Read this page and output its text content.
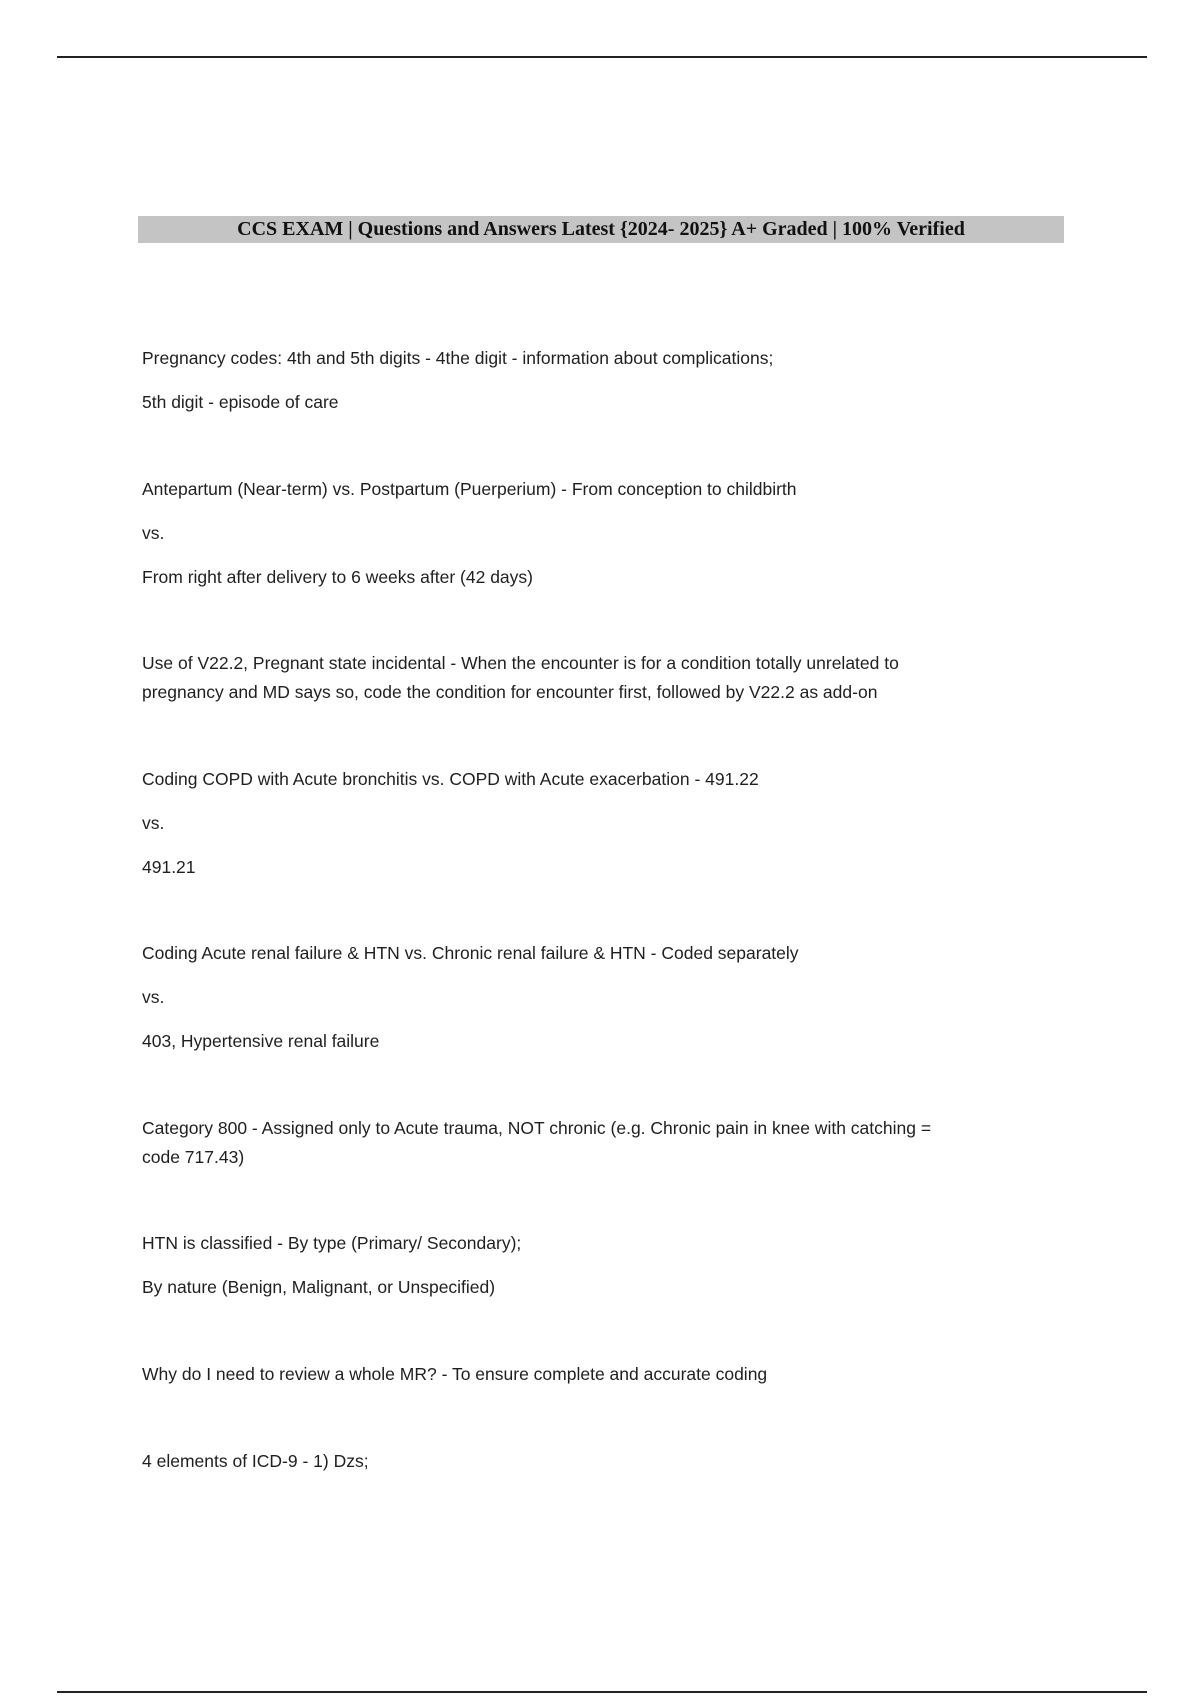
CCS EXAM | Questions and Answers Latest {2024- 2025} A+ Graded | 100% Verified
Pregnancy codes: 4th and 5th digits - 4the digit - information about complications;
5th digit - episode of care
Antepartum (Near-term) vs. Postpartum (Puerperium) - From conception to childbirth
vs.
From right after delivery to 6 weeks after (42 days)
Use of V22.2, Pregnant state incidental - When the encounter is for a condition totally unrelated to
pregnancy and MD says so, code the condition for encounter first, followed by V22.2 as add-on
Coding COPD with Acute bronchitis vs. COPD with Acute exacerbation - 491.22
vs.
491.21
Coding Acute renal failure & HTN vs. Chronic renal failure & HTN - Coded separately
vs.
403, Hypertensive renal failure
Category 800 - Assigned only to Acute trauma, NOT chronic (e.g. Chronic pain in knee with catching =
code 717.43)
HTN is classified - By type (Primary/ Secondary);
By nature (Benign, Malignant, or Unspecified)
Why do I need to review a whole MR? - To ensure complete and accurate coding
4 elements of ICD-9 - 1) Dzs;
